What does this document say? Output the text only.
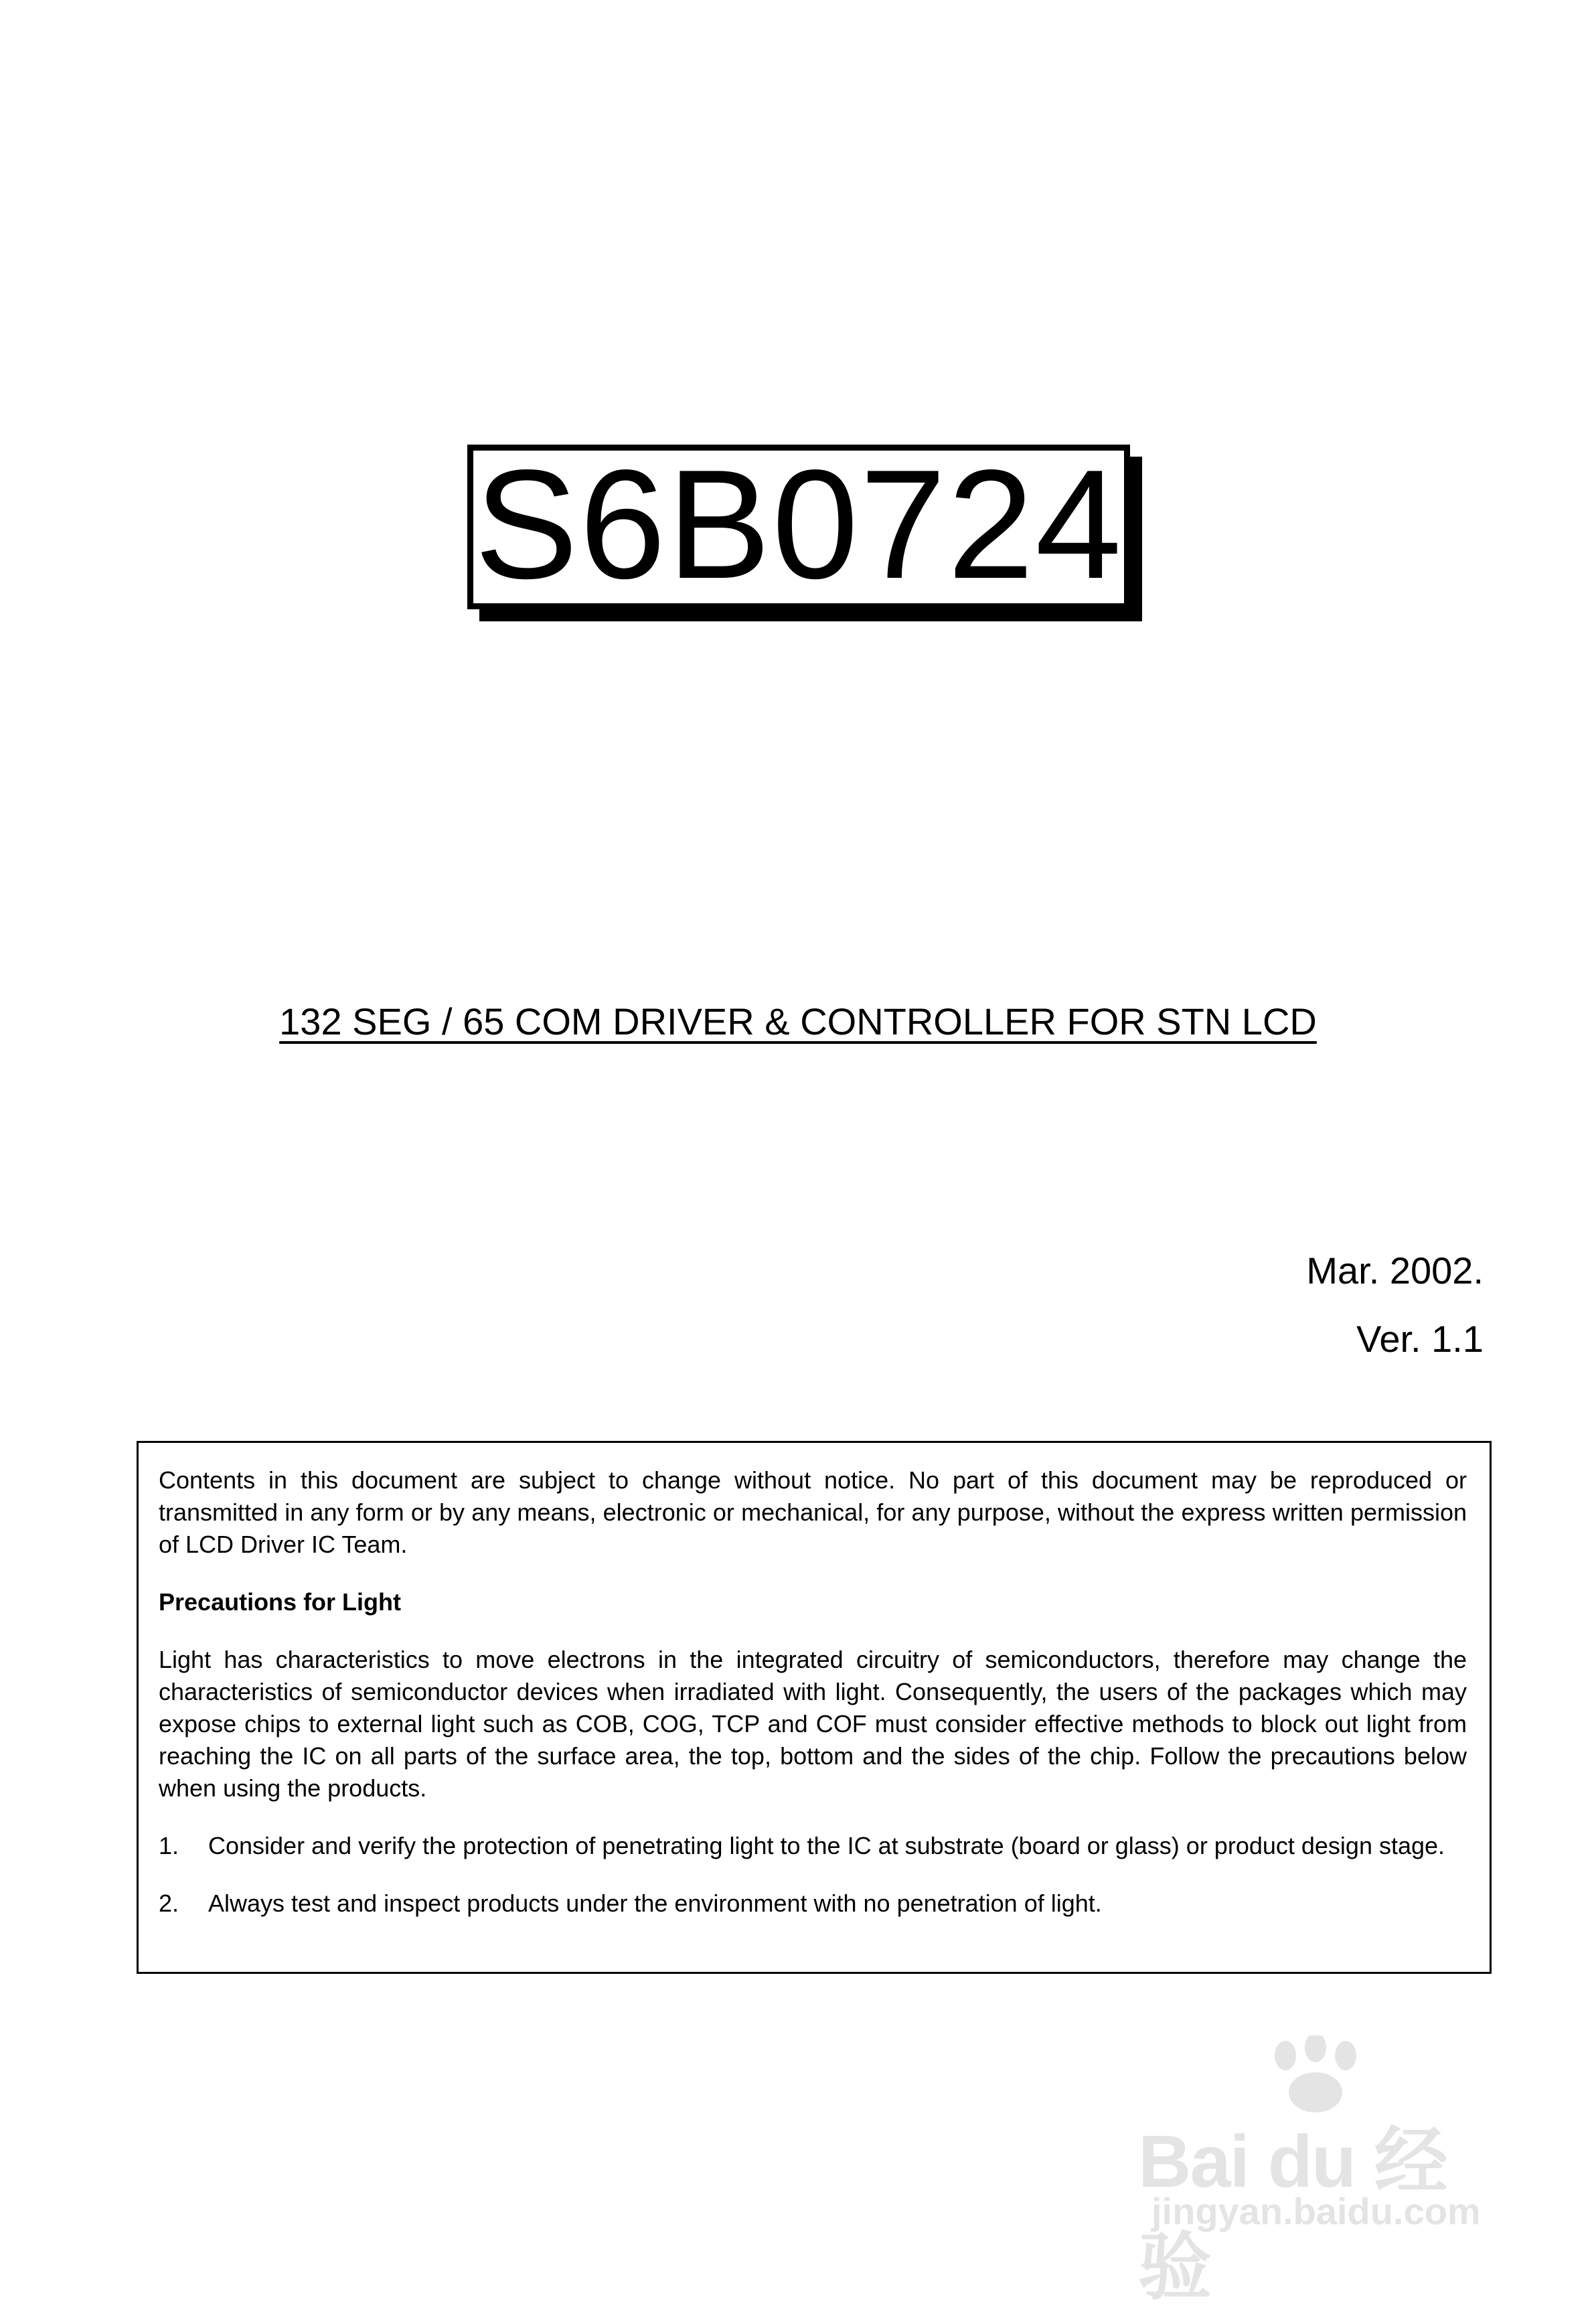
S6B0724
132 SEG / 65 COM DRIVER & CONTROLLER FOR STN LCD
Mar. 2002.
Ver. 1.1

Contents in this document are subject to change without notice. No part of this document may be reproduced or transmitted in any form or by any means, electronic or mechanical, for any purpose, without the express written permission of LCD Driver IC Team.

Precautions for Light

Light has characteristics to move electrons in the integrated circuitry of semiconductors, therefore may change the characteristics of semiconductor devices when irradiated with light. Consequently, the users of the packages which may expose chips to external light such as COB, COG, TCP and COF must consider effective methods to block out light from reaching the IC on all parts of the surface area, the top, bottom and the sides of the chip. Follow the precautions below when using the products.

1.	Consider and verify the protection of penetrating light to the IC at substrate (board or glass) or product design stage.
2.	Always test and inspect products under the environment with no penetration of light.
Bai du 经验
jingyan.baidu.com
